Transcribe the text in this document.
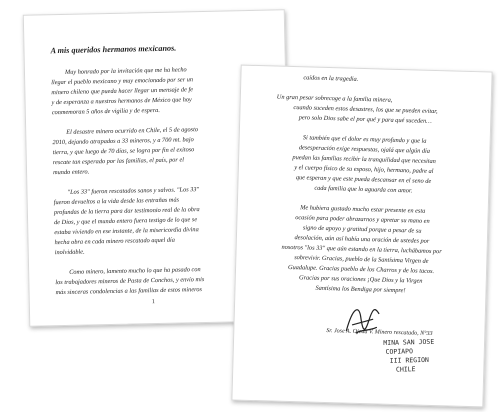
A mis queridos hermanos mexicanos.

Muy honrado por la invitación que me ha hecho

llegar el pueblo mexicano y muy emocionado por ser un

minero chileno que pueda hacer llegar un mensaje de fe

y de esperanza a nuestros hermanos de México que hoy

conmemoran 5 años de vigilia y de espera.

El desastre minero ocurrido en Chile, el 5 de agosto

2010, dejando atrapados a 33 mineros, y a 700 mt. bajo

tierra, y que luego de 70 días, se logra por fin el exitoso

rescate tan esperado por las familias, el país, por el

mundo entero.

"Los 33" fueron rescatados sanos y salvos. "Los 33"

fueron devueltos a la vida desde las entrañas más

profundas de la tierra para dar testimonio real de la obra

de Dios, y que el mundo entero fuera testigo de lo que se

estaba viviendo en ese instante, de la misericordia divina

hecha obra en cada minero rescatado aquel día

inolvidable.

Como minero, lamento mucho lo que ha pasado con

los trabajadores mineros de Pasta de Conchos, y envío mis

más sinceras condolencias a las familias de estos mineros

1

caídos en la tragedia.

Un gran pesar sobrecoge a la familia minera,

cuando suceden estos desastres, los que se pueden evitar,

pero solo Dios sabe el por qué y para qué suceden…

Si también que el dolor es muy profundo y que la

desesperación exige respuestas, ojalá que algún día

puedan las familias recibir la tranquilidad que necesitan

y el cuerpo físico de su esposo, hijo, hermano, padre al

que esperan y que este pueda descansar en el seno de

cada familia que lo aguarda con amor.

Me hubiera gustado mucho estar presente en esta

ocasión para poder abrazarnos y apretar su mano en

signo de apoyo y gratitud porque a pesar de su

desolación, aún así había una oración de ustedes por

nosotros "los 33" que aún estando en la tierra, luchábamos por

sobrevivir. Gracias, pueblo de la Santísima Virgen de

Guadalupe. Gracias pueblo de los Charros y de los tacos.

Gracias por sus oraciones ¡Que Dios y la Virgen

Santísima los Bendiga por siempre!

Sr. Jose A. Ojeda V. Minero rescatado, N°33

MINA SAN JOSE
COPIAPO
III REGION
CHILE
